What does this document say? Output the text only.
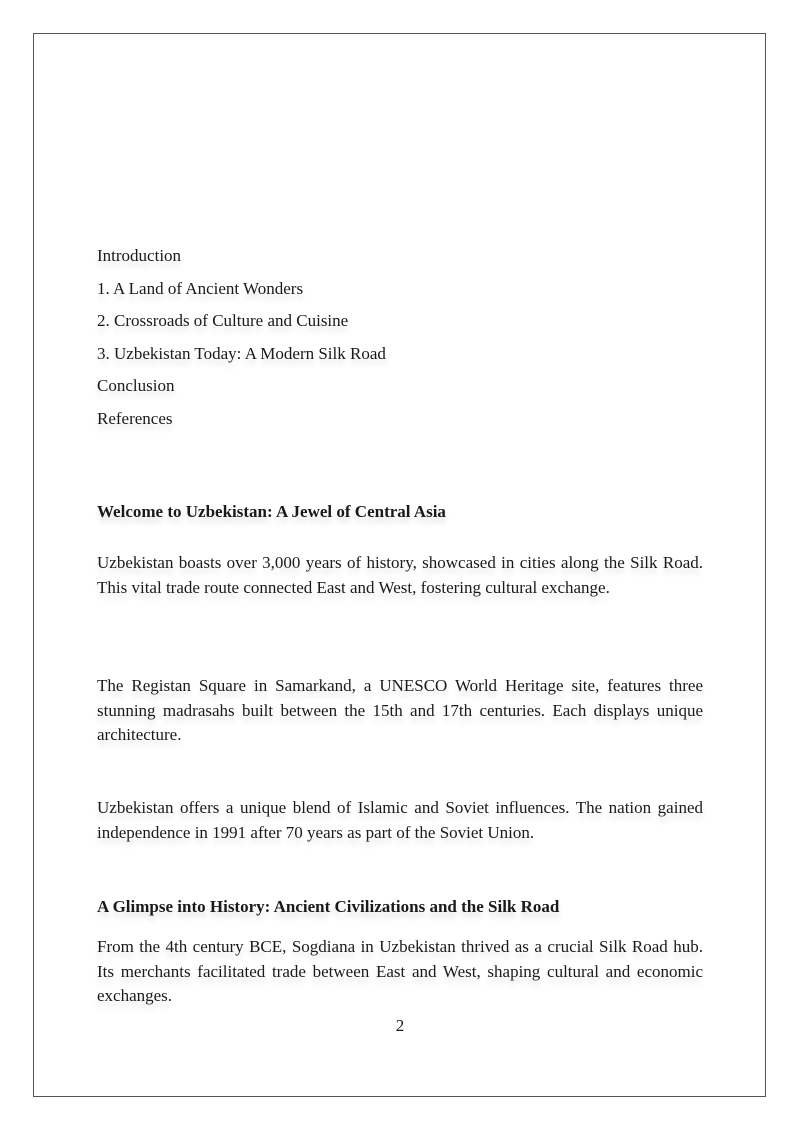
Introduction
1. A Land of Ancient Wonders
2. Crossroads of Culture and Cuisine
3. Uzbekistan Today: A Modern Silk Road
Conclusion
References
Welcome to Uzbekistan: A Jewel of Central Asia

Uzbekistan boasts over 3,000 years of history, showcased in cities along the Silk Road. This vital trade route connected East and West, fostering cultural exchange.

The Registan Square in Samarkand, a UNESCO World Heritage site, features three stunning madrasahs built between the 15th and 17th centuries. Each displays unique architecture.

Uzbekistan offers a unique blend of Islamic and Soviet influences. The nation gained independence in 1991 after 70 years as part of the Soviet Union.

A Glimpse into History: Ancient Civilizations and the Silk Road

From the 4th century BCE, Sogdiana in Uzbekistan thrived as a crucial Silk Road hub. Its merchants facilitated trade between East and West, shaping cultural and economic exchanges.

2
